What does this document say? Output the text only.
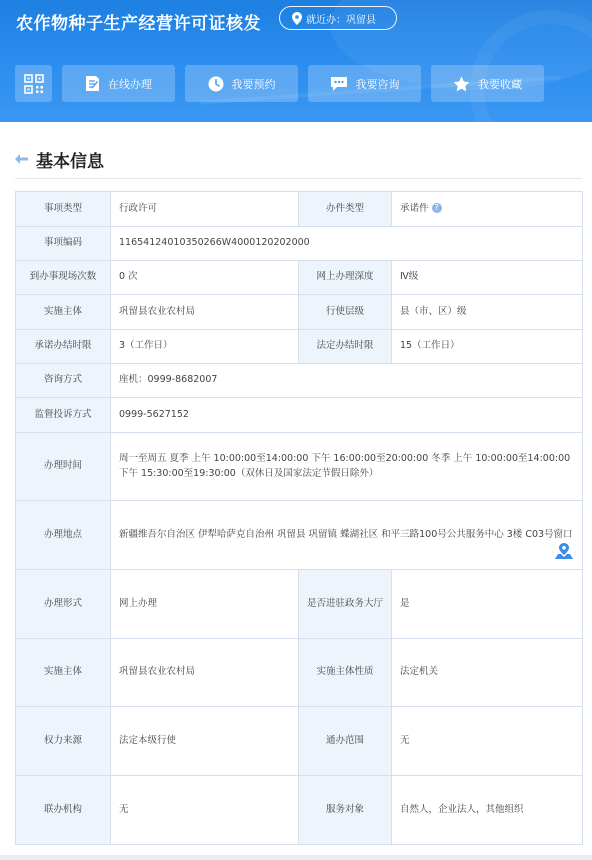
农作物种子生产经营许可证核发	就近办：巩留县
在线办理	我要预约	我要咨询	我要收藏
基本信息
事项类型	行政许可	办件类型	承诺件 ?
事项编码	11654124010350266W4000120202000		
到办事现场次数	0 次	网上办理深度	Ⅳ级
实施主体	巩留县农业农村局	行使层级	县（市、区）级
承诺办结时限	3（工作日）	法定办结时限	15（工作日）
咨询方式	座机：0999-8682007		
监督投诉方式	0999-5627152		
办理时间	周一至周五 夏季 上午 10:00:00至14:00:00 下午 16:00:00至20:00:00 冬季 上午 10:00:00至14:00:00 下午 15:30:00至19:30:00（双休日及国家法定节假日除外）		
办理地点	新疆维吾尔自治区 伊犁哈萨克自治州 巩留县 巩留镇 蝶湖社区 和平三路100号公共服务中心 3楼 C03号窗口		

办理形式	网上办理	是否进驻政务大厅	是
实施主体	巩留县农业农村局	实施主体性质	法定机关
权力来源	法定本级行使	通办范围	无
联办机构	无	服务对象	自然人，企业法人，其他组织
